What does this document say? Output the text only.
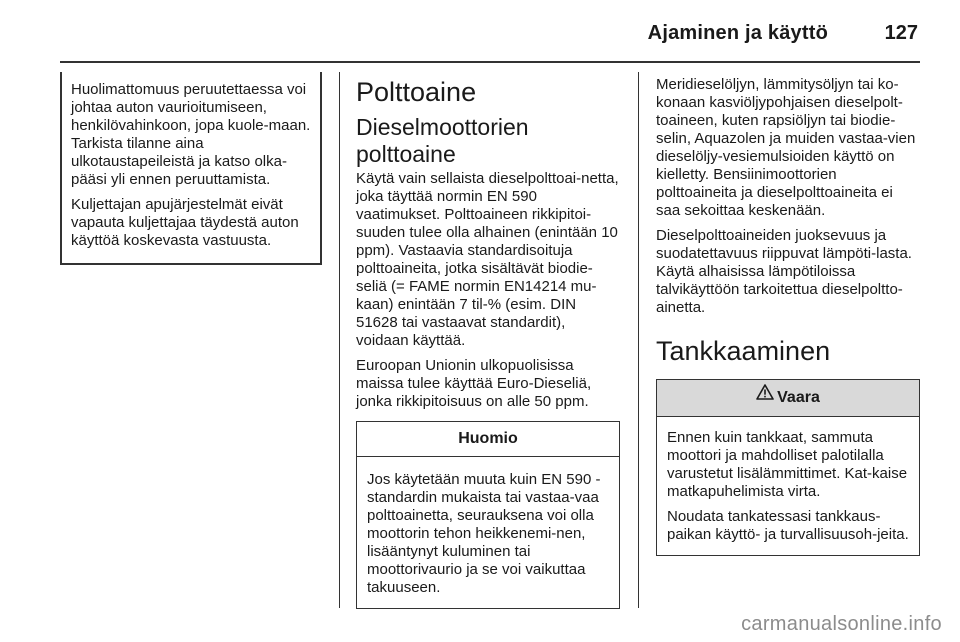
Ajaminen ja käyttö	127

Huolimattomuus peruutettaessa voi johtaa auton vaurioitumiseen, henkilövahinkoon, jopa kuole-maan. Tarkista tilanne aina ulkotaustapeileistä ja katso olka-pääsi yli ennen peruuttamista.

Kuljettajan apujärjestelmät eivät vapauta kuljettajaa täydestä auton käyttöä koskevasta vastuusta.

Polttoaine
Dieselmoottorien polttoaine

Käytä vain sellaista dieselpolttoai-netta, joka täyttää normin EN 590 vaatimukset. Polttoaineen rikkipitoi-suuden tulee olla alhainen (enintään 10 ppm). Vastaavia standardisoituja polttoaineita, jotka sisältävät biodie-seliä (= FAME normin EN14214 mu-kaan) enintään 7 til-% (esim. DIN 51628 tai vastaavat standardit), voidaan käyttää.

Euroopan Unionin ulkopuolisissa maissa tulee käyttää Euro-Dieseliä, jonka rikkipitoisuus on alle 50 ppm.

Huomio

Jos käytetään muuta kuin EN 590 -standardin mukaista tai vastaa-vaa polttoainetta, seurauksena voi olla moottorin tehon heikkenemi-nen, lisääntynyt kuluminen tai moottorivaurio ja se voi vaikuttaa takuuseen.

Meridieselöljyn, lämmitysöljyn tai ko-konaan kasviöljypohjaisen dieselpolt-toaineen, kuten rapsiöljyn tai biodie-selin, Aquazolen ja muiden vastaa-vien dieselöljy-vesiemulsioiden käyttö on kielletty. Bensiinimoottorien polttoaineita ja dieselpolttoaineita ei saa sekoittaa keskenään.

Dieselpolttoaineiden juoksevuus ja suodatettavuus riippuvat lämpöti-lasta. Käytä alhaisissa lämpötiloissa talvikäyttöön tarkoitettua dieselpoltto-ainetta.

Tankkaaminen
Vaara

Ennen kuin tankkaat, sammuta moottori ja mahdolliset palotilalla varustetut lisälämmittimet. Kat-kaise matkapuhelimista virta.

Noudata tankatessasi tankkaus-paikan käyttö- ja turvallisuusoh-jeita.

carmanualsonline.info
